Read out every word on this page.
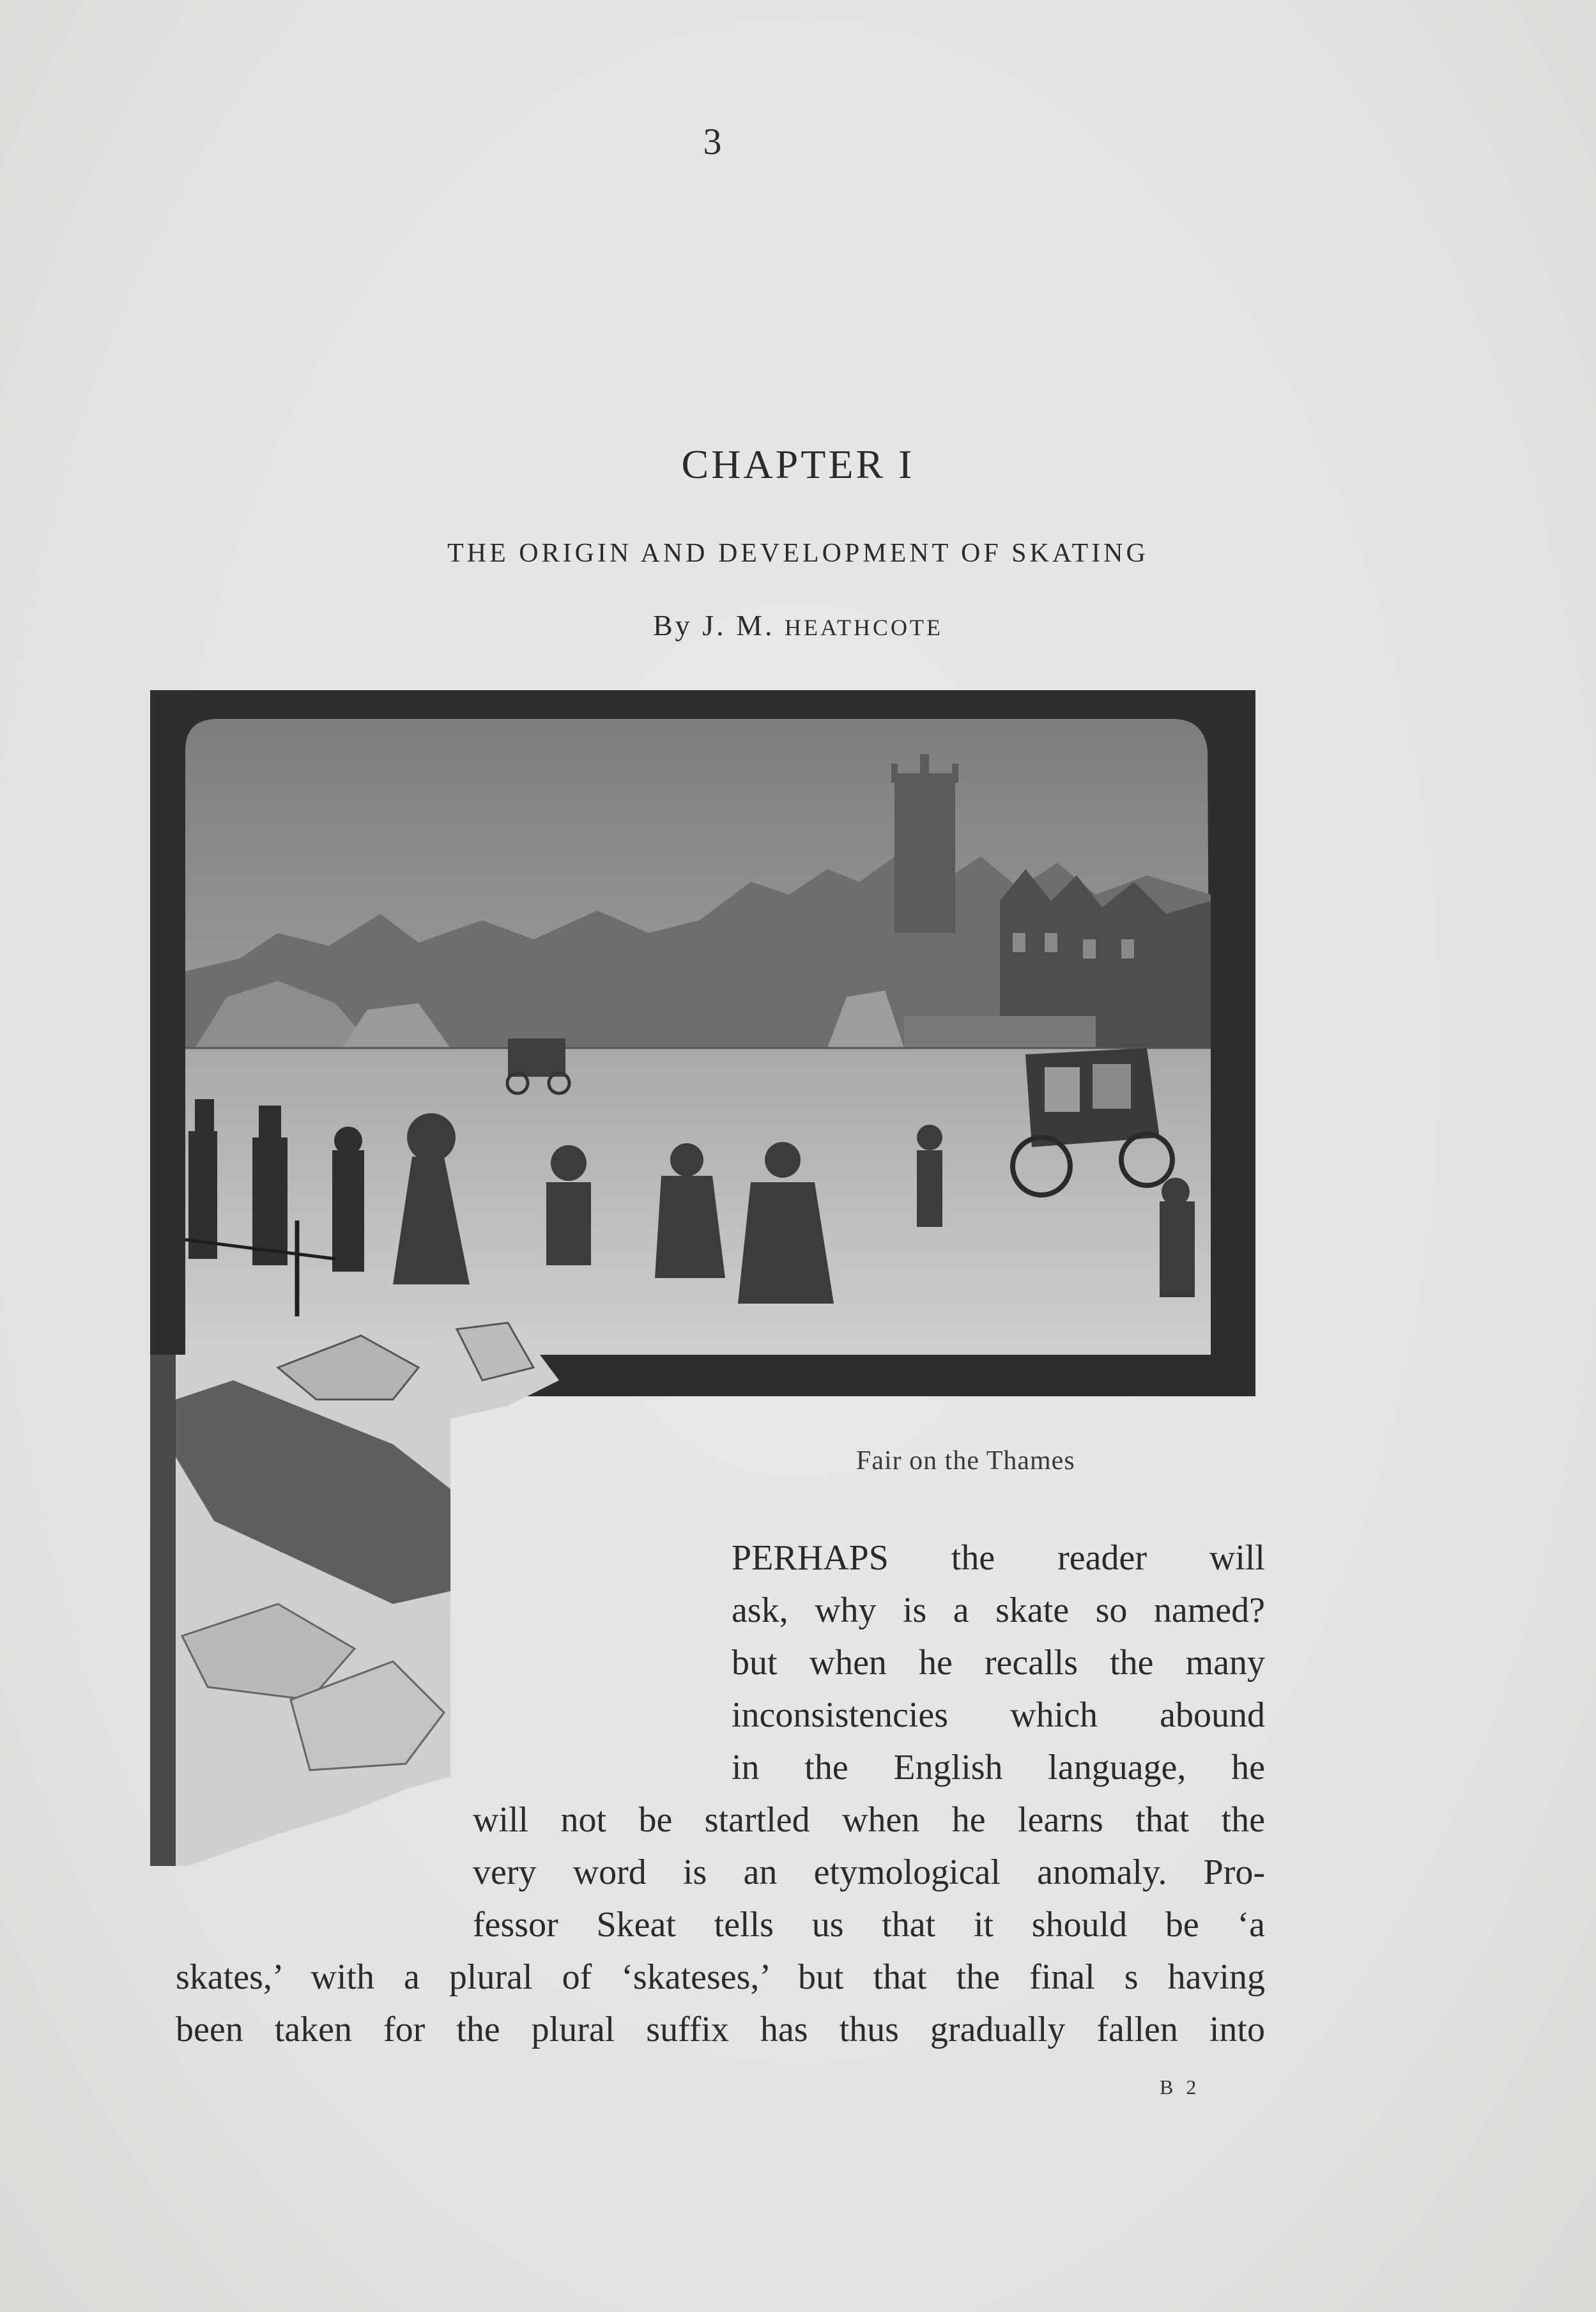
3
CHAPTER I
THE ORIGIN AND DEVELOPMENT OF SKATING
By J. M. HEATHCOTE
Fair on the Thames
PERHAPS the reader will
ask, why is a skate so named?
but when he recalls the many
inconsistencies which abound
in the English language, he
will not be startled when he learns that the
very word is an etymological anomaly. Pro-
fessor Skeat tells us that it should be ‘a
skates,’ with a plural of ‘skateses,’ but that the final s having
been taken for the plural suffix has thus gradually fallen into
B 2
